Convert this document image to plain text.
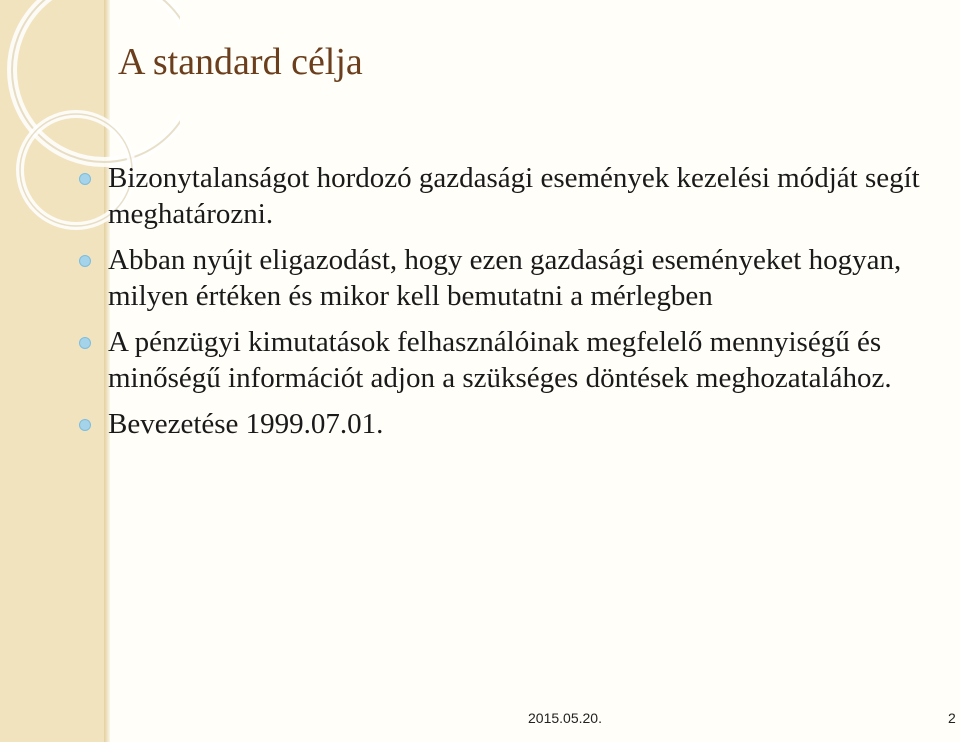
A standard célja
Bizonytalanságot hordozó gazdasági események kezelési módját segít meghatározni.
Abban nyújt eligazodást, hogy ezen gazdasági eseményeket hogyan, milyen értéken és mikor kell bemutatni a mérlegben
A pénzügyi kimutatások felhasználóinak megfelelő mennyiségű és minőségű információt adjon a szükséges döntések meghozatalához.
Bevezetése 1999.07.01.
2015.05.20.	2
